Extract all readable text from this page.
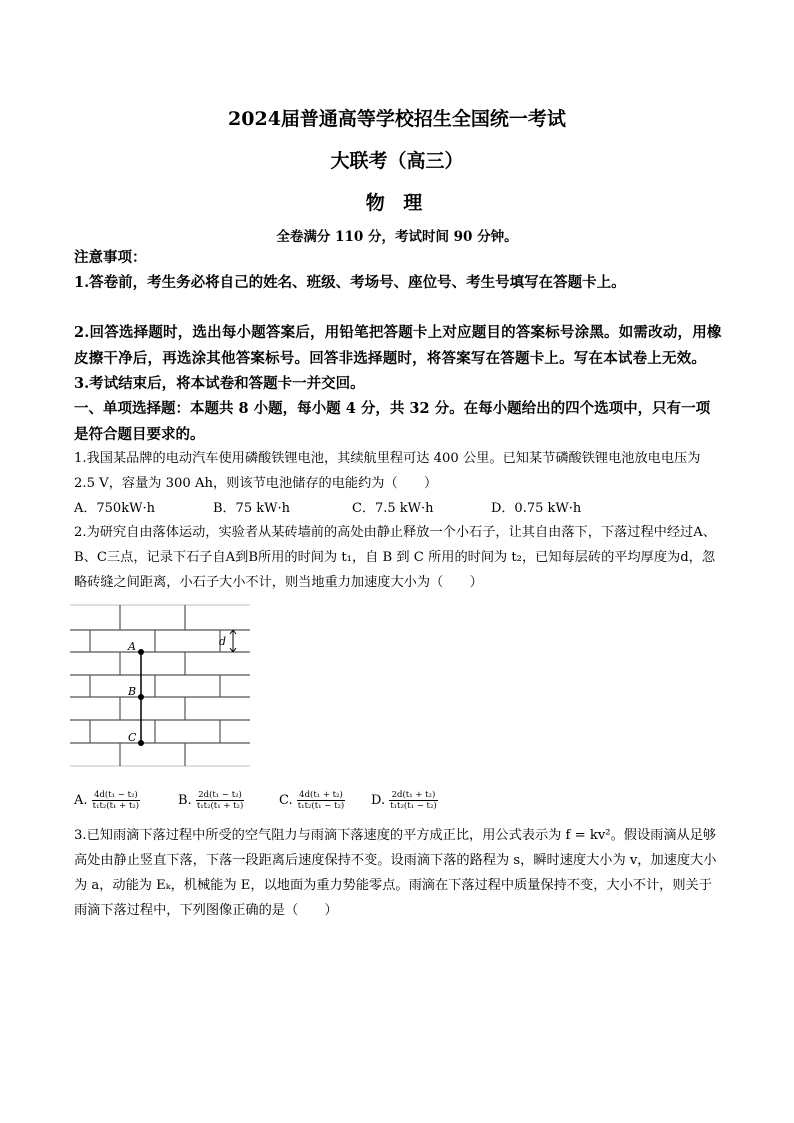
2024届普通高等学校招生全国统一考试
大联考（高三）
物 理
全卷满分 110 分，考试时间 90 分钟。
注意事项：
1.答卷前，考生务必将自己的姓名、班级、考场号、座位号、考生号填写在答题卡上。
2.回答选择题时，选出每小题答案后，用铅笔把答题卡上对应题目的答案标号涂黑。如需改动，用橡皮擦干净后，再选涂其他答案标号。回答非选择题时，将答案写在答题卡上。写在本试卷上无效。
3.考试结束后，将本试卷和答题卡一并交回。
一、单项选择题：本题共 8 小题，每小题 4 分，共 32 分。在每小题给出的四个选项中，只有一项是符合题目要求的。
1.我国某品牌的电动汽车使用磷酸铁锂电池，其续航里程可达 400 公里。已知某节磷酸铁锂电池放电电压为 2.5 V，容量为 300 Ah，则该节电池储存的电能约为（　　）
A．750kW·h	B．75 kW·h	C．7.5 kW·h	D．0.75 kW·h
2.为研究自由落体运动，实验者从某砖墙前的高处由静止释放一个小石子，让其自由落下，下落过程中经过A、B、C三点，记录下石子自A到B所用的时间为 t₁，自 B 到 C 所用的时间为 t₂，已知每层砖的平均厚度为d，忽略砖缝之间距离，小石子大小不计，则当地重力加速度大小为（　　）
A
B
C
d
A. $\frac{\text{4d(t₁ − t₂)}}{\text{t₁t₂(t₁ + t₂)}}$	B. $\frac{\text{2d(t₁ − t₂)}}{\text{t₁t₂(t₁ + t₂)}}$	C. $\frac{\text{4d(t₁ + t₂)}}{\text{t₁t₂(t₁ − t₂)}} D$. $\frac{\text{2d(t₁ + t₂)}}{\text{t₁t₂(t₁ − t₂)}}$
3.已知雨滴下落过程中所受的空气阻力与雨滴下落速度的平方成正比，用公式表示为 f = kv²。假设雨滴从足够高处由静止竖直下落，下落一段距离后速度保持不变。设雨滴下落的路程为 s，瞬时速度大小为 v，加速度大小为 a，动能为 Eₖ，机械能为 E，以地面为重力势能零点。雨滴在下落过程中质量保持不变，大小不计，则关于雨滴下落过程中，下列图像正确的是（　　）
